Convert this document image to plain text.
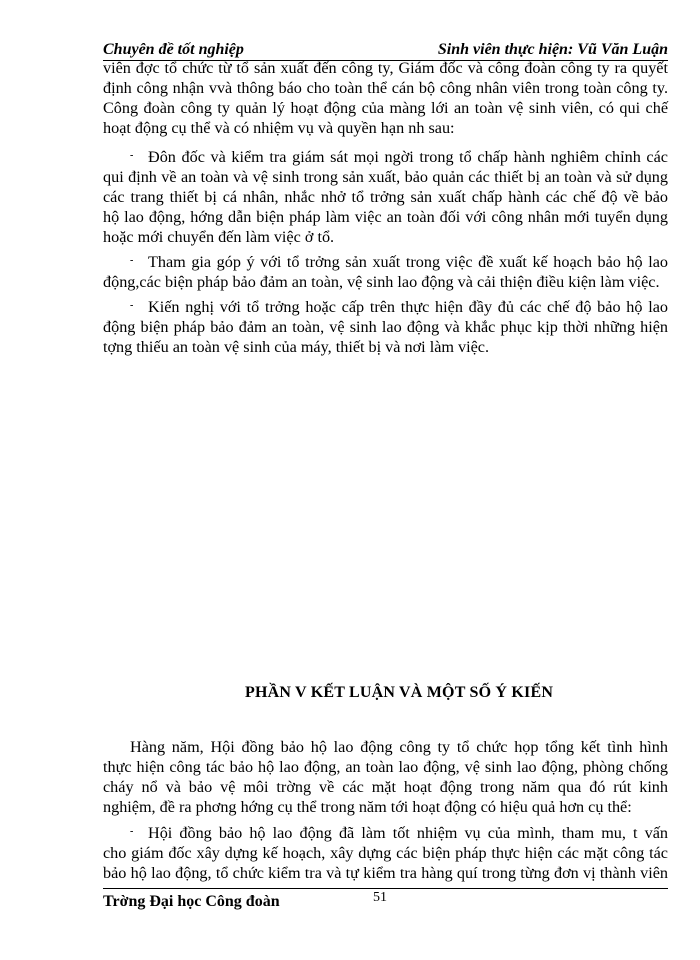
Chuyên đề tốt nghiệp	Sinh viên thực hiện: Vũ Văn Luận
viên đợc tổ chức từ tổ sản xuất đến công ty, Giám đốc và công đoàn công ty ra quyết
định công nhận vvà thông báo cho toàn thể cán bộ công nhân viên trong toàn công ty.
Công đoàn công ty quản lý hoạt động của màng lới an toàn vệ sinh viên, có qui chế
hoạt động cụ thể và có nhiệm vụ và quyền hạn nh sau:
- Đôn đốc và kiểm tra giám sát mọi ngời trong tổ chấp hành nghiêm chỉnh các
qui định về an toàn và vệ sinh trong sản xuất, bảo quản các thiết bị an toàn và sử dụng
các trang thiết bị cá nhân, nhắc nhở tổ trởng sản xuất chấp hành các chế độ về bảo
hộ lao động, hớng dẫn biện pháp làm việc an toàn đối với công nhân mới tuyển dụng
hoặc mới chuyển đến làm việc ở tổ.
- Tham gia góp ý với tổ trởng sản xuất trong việc đề xuất kế hoạch bảo hộ lao
động,các biện pháp bảo đảm an toàn, vệ sinh lao động và cải thiện điều kiện làm việc.
- Kiến nghị với tổ trởng hoặc cấp trên thực hiện đầy đủ các chế độ bảo hộ lao
động biện pháp bảo đảm an toàn, vệ sinh lao động và khắc phục kịp thời những hiện
tợng thiếu an toàn vệ sinh của máy, thiết bị và nơi làm việc.
PHẦN V KẾT LUẬN VÀ MỘT SỐ Ý KIẾN
Hàng năm, Hội đồng bảo hộ lao động công ty tổ chức họp tổng kết tình hình
thực hiện công tác bảo hộ lao động, an toàn lao động, vệ sinh lao động, phòng chống
cháy nổ và bảo vệ môi trờng về các mặt hoạt động trong năm qua đó rút kinh
nghiệm, đề ra phơng hớng cụ thể trong năm tới hoạt động có hiệu quả hơn cụ thể:
- Hội đồng bảo hộ lao động đã làm tốt nhiệm vụ của mình, tham mu, t vấn
cho giám đốc xây dựng kế hoạch, xây dựng các biện pháp thực hiện các mặt công tác
bảo hộ lao động, tổ chức kiểm tra và tự kiểm tra hàng quí trong từng đơn vị thành viên
51
Trờng Đại học Công đoàn
